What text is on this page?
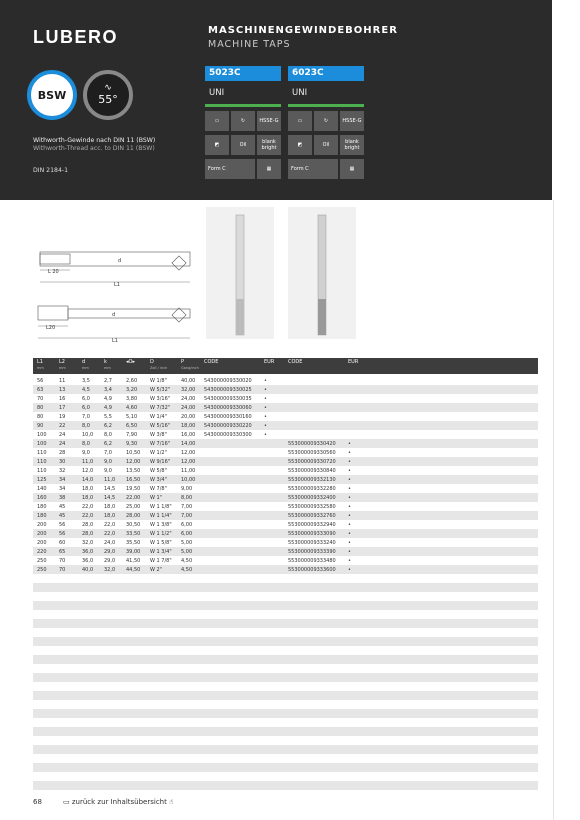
LUBERO
BSW
∿
55°
MASCHINENGEWINDEBOHRER
MACHINE TAPS
Withworth-Gewinde nach DIN 11 (BSW)
Withworth-Thread acc. to DIN 11 (BSW)
DIN 2184-1
5023C
UNI
▭	↻	HSSE-G
◩	Oil	blank bright
Form C	▦
6023C
UNI
▭	↻	HSSE-G
◩	Oil	blank bright
Form C	▦
L 20
L1
d
L20
L1
d
L1	L2	d	k	◂O▸	D	P	CODE	EUR	CODE	EUR
mm	mm	mm	mm	Zoll / inch	Gang/inch
56	11	3,5	2,7	2,60	W 1/8"	40,00 543000009330020 •
63	13	4,5	3,4	3,20	W 5/32" 32,00 543000009330025 •
70	16	6,0	4,9	3,80	W 3/16" 24,00 543000009330035 •
80	17	6,0	4,9	4,60	W 7/32" 24,00 543000009330060 •
80	19	7,0	5,5	5,10	W 1/4"	20,00 543000009330160 •
90	22	8,0	6,2	6,50	W 5/16" 18,00 543000009330220 •
100 24	10,0 8,0	7,90	W 3/8"	16,00 543000009330300 •
100 24	8,0	6,2	9,30	W 7/16" 14,00	553000009330420 •
110 28	9,0	7,0	10,50 W 1/2"	12,00	553000009330560 •
110 30	11,0 9,0	12,00 W 9/16" 12,00	553000009330720 •
110 32	12,0 9,0	13,50 W 5/8"	11,00	553000009330840 •
125 34	14,0 11,0 16,50 W 3/4"	10,00	553000009332130 •
140 34	18,0 14,5 19,50 W 7/8"	9,00	553000009332280 •
160 38	18,0 14,5 22,00 W 1"	8,00	553000009332400 •
180 45	22,0 18,0 25,00 W 1 1/8" 7,00	553000009332580 •
180 45	22,0 18,0 28,00 W 1 1/4" 7,00	553000009332760 •
200 56	28,0 22,0 30,50 W 1 3/8" 6,00	553000009332940 •
200 56	28,0 22,0 33,50 W 1 1/2" 6,00	553000009333090 •
200 60	32,0 24,0 35,50 W 1 5/8" 5,00	553000009333240 •
220 65	36,0 29,0 39,00 W 1 3/4" 5,00	553000009333390 •
250 70	36,0 29,0 41,50 W 1 7/8" 4,50	553000009333480 •
250 70	40,0 32,0 44,50 W 2"	4,50	553000009333600 •
68	▭ zurück zur Inhaltsübersicht ☝
